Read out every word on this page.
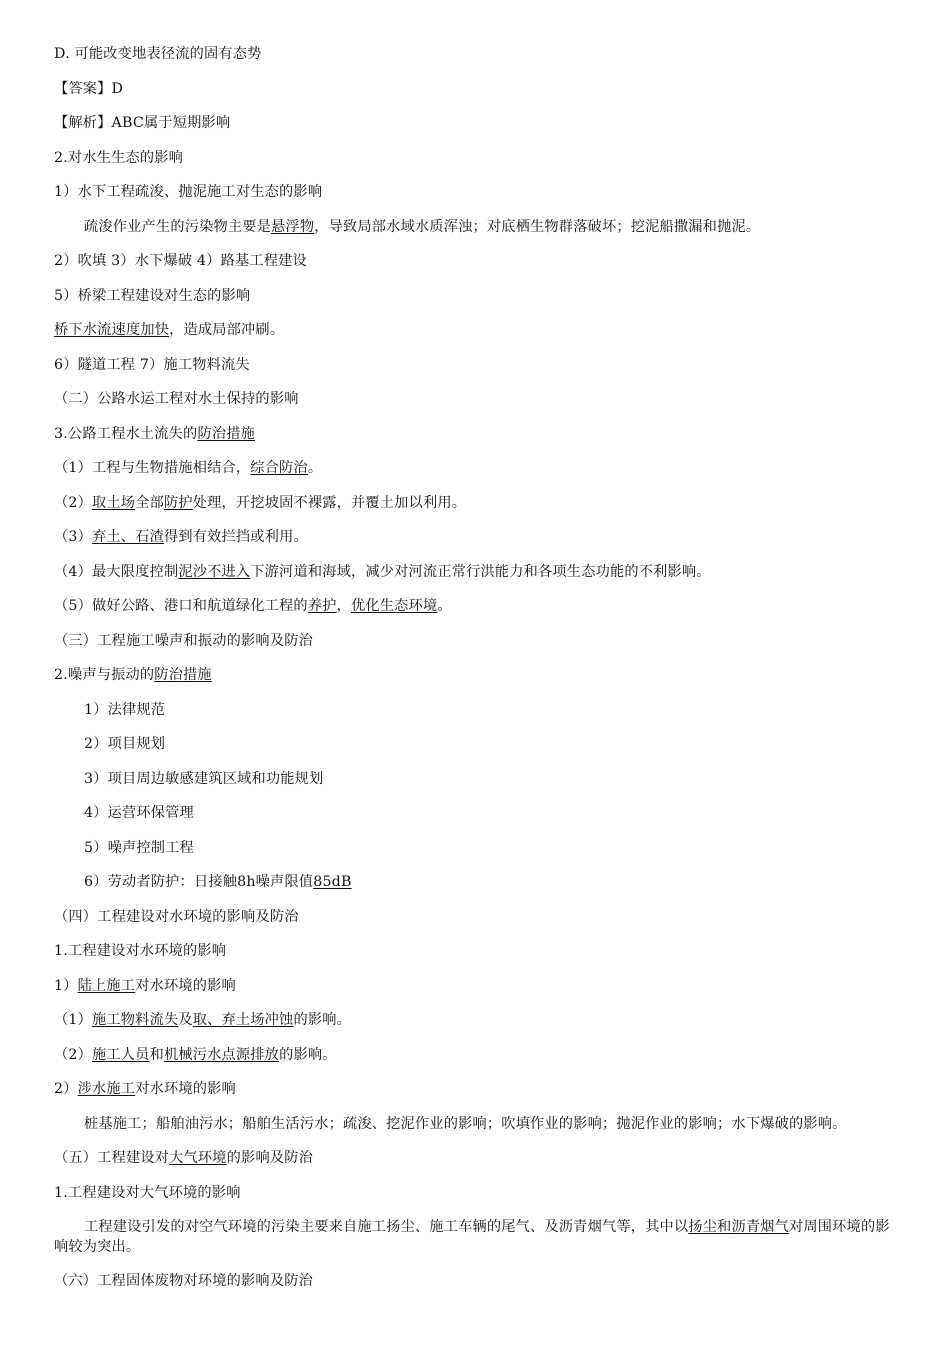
D. 可能改变地表径流的固有态势
【答案】D
【解析】ABC属于短期影响
2.对水生生态的影响
1）水下工程疏浚、抛泥施工对生态的影响
疏浚作业产生的污染物主要是悬浮物，导致局部水域水质浑浊；对底栖生物群落破坏；挖泥船撒漏和抛泥。
2）吹填 3）水下爆破 4）路基工程建设
5）桥梁工程建设对生态的影响
桥下水流速度加快，造成局部冲刷。
6）隧道工程 7）施工物料流失
（二）公路水运工程对水土保持的影响
3.公路工程水土流失的防治措施
（1）工程与生物措施相结合，综合防治。
（2）取土场全部防护处理，开挖坡固不裸露，并覆土加以利用。
（3）弃土、石渣得到有效拦挡或利用。
（4）最大限度控制泥沙不进入下游河道和海域，减少对河流正常行洪能力和各项生态功能的不利影响。
（5）做好公路、港口和航道绿化工程的养护，优化生态环境。
（三）工程施工噪声和振动的影响及防治
2.噪声与振动的防治措施
1）法律规范
2）项目规划
3）项目周边敏感建筑区域和功能规划
4）运营环保管理
5）噪声控制工程
6）劳动者防护：日接触8h噪声限值85dB
（四）工程建设对水环境的影响及防治
1.工程建设对水环境的影响
1）陆上施工对水环境的影响
（1）施工物料流失及取、弃土场冲蚀的影响。
（2）施工人员和机械污水点源排放的影响。
2）涉水施工对水环境的影响
桩基施工；船舶油污水；船舶生活污水；疏浚、挖泥作业的影响；吹填作业的影响；抛泥作业的影响；水下爆破的影响。
（五）工程建设对大气环境的影响及防治
1.工程建设对大气环境的影响
工程建设引发的对空气环境的污染主要来自施工扬尘、施工车辆的尾气、及沥青烟气等，其中以扬尘和沥青烟气对周围环境的影响较为突出。
（六）工程固体废物对环境的影响及防治
